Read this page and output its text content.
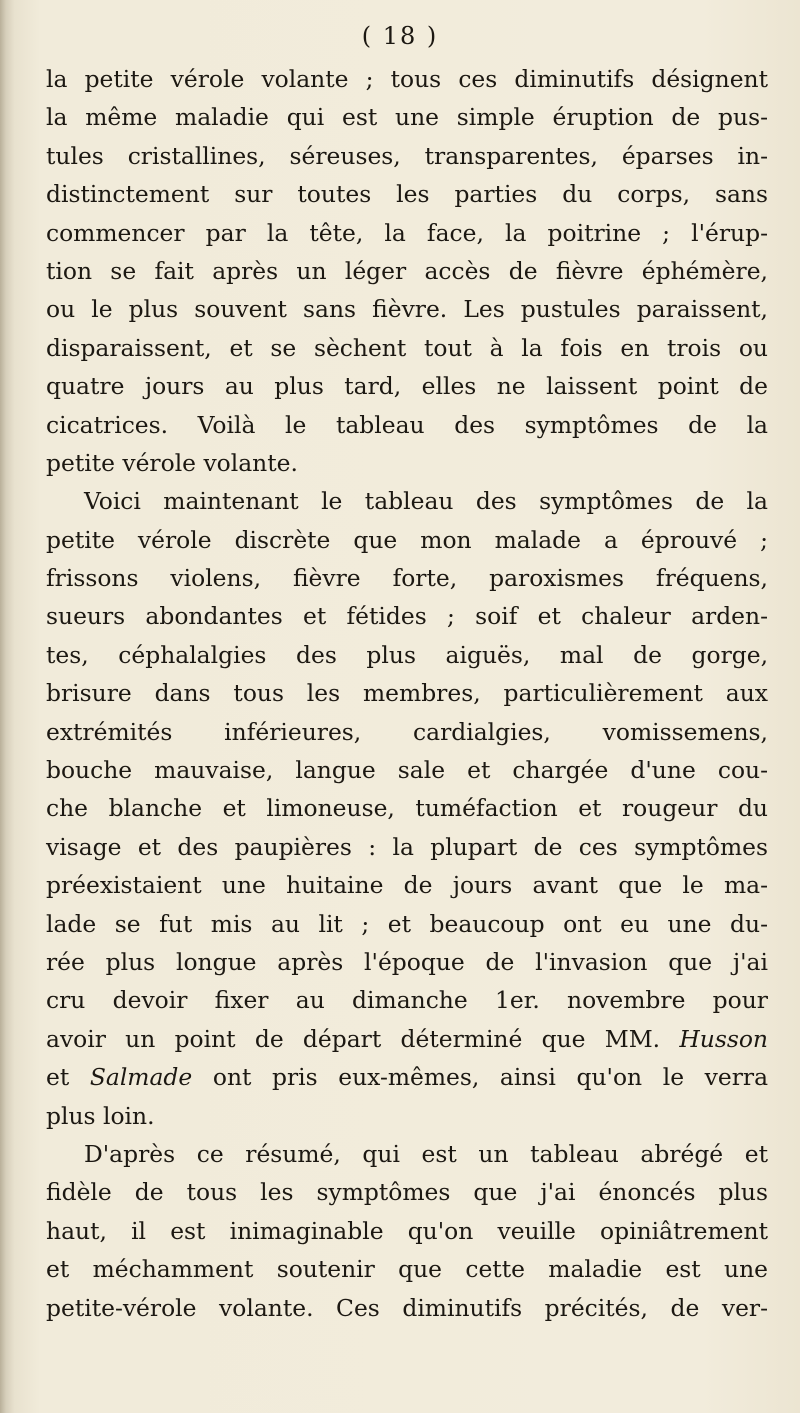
( 18 )
la petite vérole volante ; tous ces diminutifs désignent
la même maladie qui est une simple éruption de pus-
tules cristallines, séreuses, transparentes, éparses in-
distinctement sur toutes les parties du corps, sans
commencer par la tête, la face, la poitrine ; l'érup-
tion se fait après un léger accès de fièvre éphémère,
ou le plus souvent sans fièvre. Les pustules paraissent,
disparaissent, et se sèchent tout à la fois en trois ou
quatre jours au plus tard, elles ne laissent point de
cicatrices. Voilà le tableau des symptômes de la
petite vérole volante.
Voici maintenant le tableau des symptômes de la
petite vérole discrète que mon malade a éprouvé ;
frissons violens, fièvre forte, paroxismes fréquens,
sueurs abondantes et fétides ; soif et chaleur arden-
tes, céphalalgies des plus aiguës, mal de gorge,
brisure dans tous les membres, particulièrement aux
extrémités inférieures, cardialgies, vomissemens,
bouche mauvaise, langue sale et chargée d'une cou-
che blanche et limoneuse, tuméfaction et rougeur du
visage et des paupières : la plupart de ces symptômes
préexistaient une huitaine de jours avant que le ma-
lade se fut mis au lit ; et beaucoup ont eu une du-
rée plus longue après l'époque de l'invasion que j'ai
cru devoir fixer au dimanche 1er. novembre pour
avoir un point de départ déterminé que MM. Husson
et Salmade ont pris eux-mêmes, ainsi qu'on le verra
plus loin.
D'après ce résumé, qui est un tableau abrégé et
fidèle de tous les symptômes que j'ai énoncés plus
haut, il est inimaginable qu'on veuille opiniâtrement
et méchamment soutenir que cette maladie est une
petite-vérole volante. Ces diminutifs précités, de ver-
